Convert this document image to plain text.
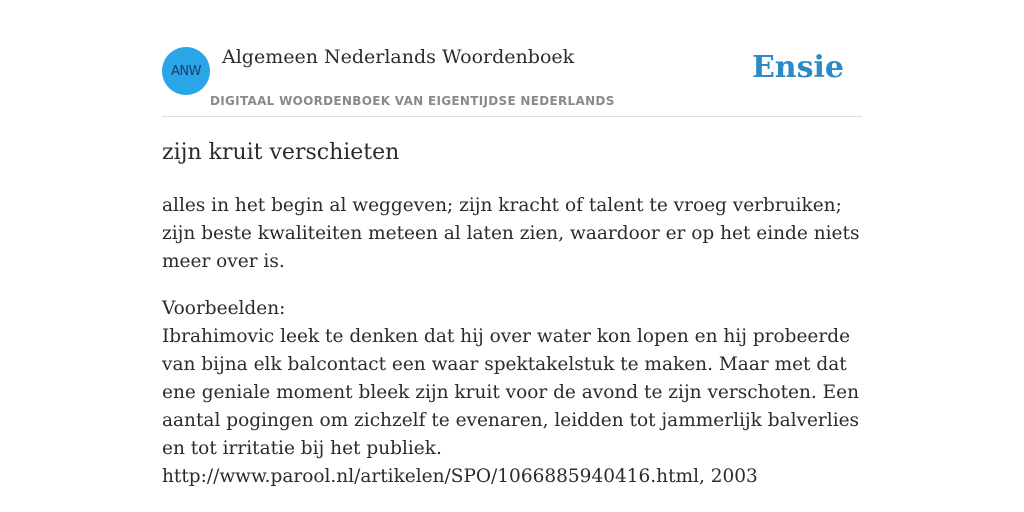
ANW
Algemeen Nederlands Woordenboek
DIGITAAL WOORDENBOEK VAN EIGENTIJDSE NEDERLANDS
Ensie
zijn kruit verschieten

alles in het begin al weggeven; zijn kracht of talent te vroeg verbruiken; zijn beste kwaliteiten meteen al laten zien, waardoor er op het einde niets meer over is.

Voorbeelden:
Ibrahimovic leek te denken dat hij over water kon lopen en hij probeerde van bijna elk balcontact een waar spektakelstuk te maken. Maar met dat ene geniale moment bleek zijn kruit voor de avond te zijn verschoten. Een aantal pogingen om zichzelf te evenaren, leidden tot jammerlijk balverlies en tot irritatie bij het publiek.
http://www.parool.nl/artikelen/SPO/1066885940416.html, 2003
